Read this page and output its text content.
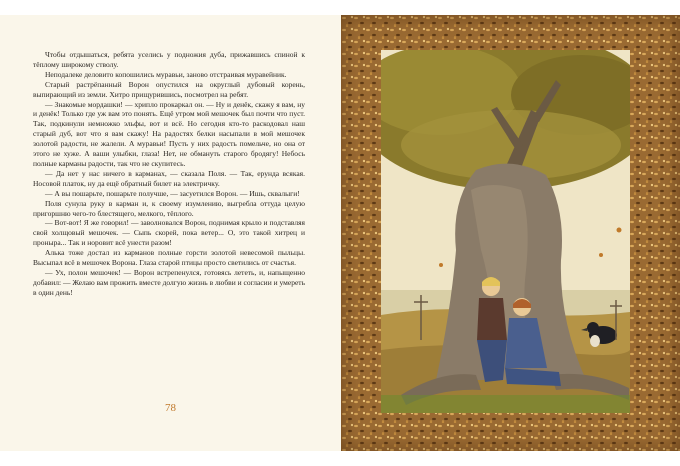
Чтобы отдышаться, ребята уселись у подножия дуба, прижавшись спиной к тёплому широкому стволу.

Неподалеке деловито копошились муравьи, заново отстраивая муравейник.

Старый растрёпанный Ворон опустился на округлый дубовый корень, выпирающий из земли. Хитро прищурившись, посмотрел на ребят.

— Знакомые мордашки! — хрипло прокаркал он. — Ну и денёк, скажу я вам, ну и денёк! Только где уж вам это понять. Ещё утром мой мешочек был почти что пуст. Так, подкинули немножко эльфы, вот и всё. Но сегодня кто-то раскодовал наш старый дуб, вот что я вам скажу! На радостях белки насыпали в мой мешочек золотой радости, не жалели. А муравьи! Пусть у них радость помельче, но она от этого не хуже. А ваши улыбки, глаза! Нет, не обмануть старого бродягу! Небось полные карманы радости, так что не скупитесь.

— Да нет у нас ничего в карманах, — сказала Поля. — Так, ерунда всякая. Носовой платок, ну да ещё обратный билет на электричку.

— А вы пошарьте, пошарьте получше, — засуетился Ворон. — Ишь, сквалыги!

Поля сунула руку в карман и, к своему изумлению, выгребла оттуда целую пригоршню чего-то блестящего, мелкого, тёплого.

— Вот-вот! Я же говорил! — заволновался Ворон, поднимая крыло и подставляя свой холщовый мешочек. — Сыпь скорей, пока ветер... О, это такой хитрец и проныра... Так и норовит всё унести разом!

Алька тоже достал из карманов полные горсти золотой невесомой пыльцы. Высыпал всё в мешочек Ворона. Глаза старой птицы просто светились от счастья.

— Ух, полон мешочек! — Ворон встрепенулся, готовясь лететь, и, напыщенно добавил: — Желаю вам прожить вместе долгую жизнь в любви и согласии и умереть в один день!

78
